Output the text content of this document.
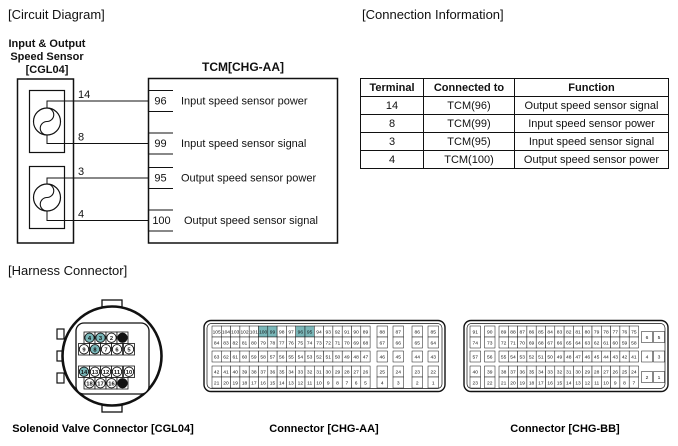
[Circuit Diagram]	[Connection Information]
[Harness Connector]
Input & Output
Speed Sensor
[CGL04]	TCM[CHG-AA]
14
8
3
4
96
99
95
100
Input speed sensor power
Input speed sensor signal
Output speed sensor power
Output speed sensor signal
Terminal	Connected to	Function
14	TCM(96)	Output speed sensor signal
8	TCM(99)	Input speed sensor power
3	TCM(95)	Input speed sensor signal
4	TCM(100)	Output speed sensor power
4 3 2 ★
9 8 7 6 5
14 13 12 11 10
18 17 16 ★
105 104 103 102 101 100 99 98 97 96 95 94 93 92 91 90 89
84 83 82 81 80 79 78 77 76 75 74 73 72 71 70 69 68
63 62 61 60 59 58 57 56 55 54 53 52 51 50 49 48 47
42 41 40 39 38 37 36 35 34 33 32 31 30 29 28 27 26
21 20 19 18 17 16 15 14 13 12 11 10 9 8 7 6 5
88 87	86 85
67 66	65 64
46 45	44 43
25 24	23 22
4	3	2	1
91 90
74 73
57 56
40 39
23 22
89 88 87 86 85 84 83 82 81 80 79 78 77 76 75
72 71 70 69 68 67 66 65 64 63 62 61 60 59 58
55 54 53 52 51 50 49 48 47 46 45 44 43 42 41
38 37 36 35 34 33 32 31 30 29 28 27 26 25 24
21 20 19 18 17 16 15 14 13 12 11 10 9 8 7
6 5
4 3
2 1
Solenoid Valve Connector [CGL04]	Connector [CHG-AA]	Connector [CHG-BB]
